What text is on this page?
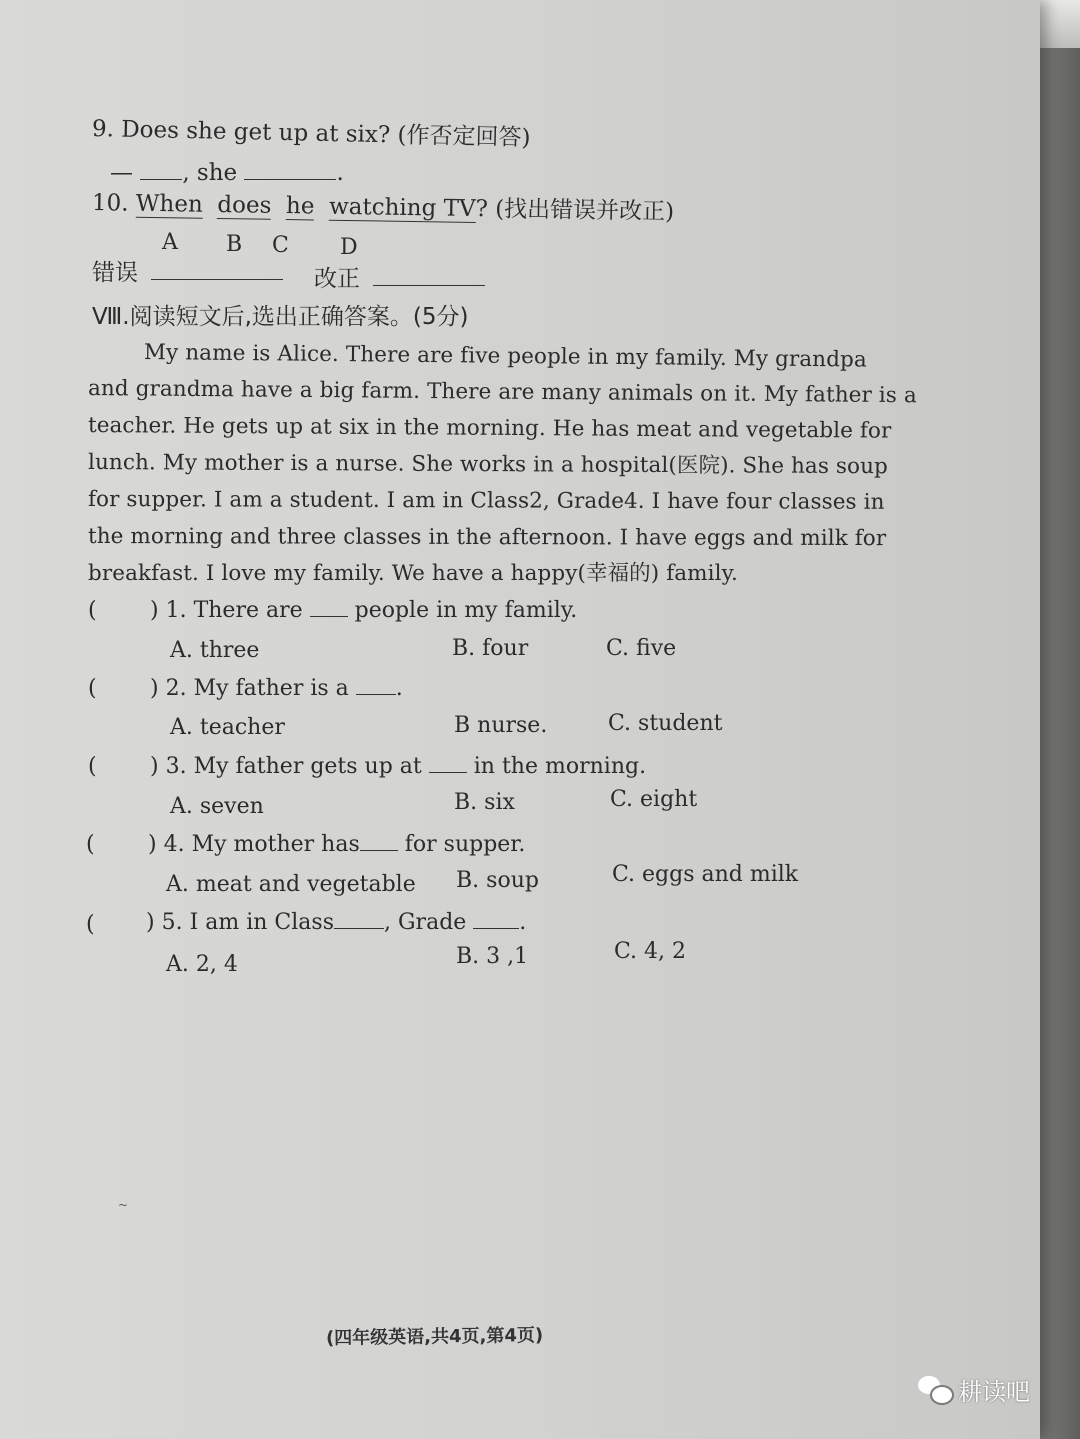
9. Does she get up at six? (作否定回答)
— , she	.
10. When does he watching TV? (找出错误并改正)
A B C D
错误	改正
Ⅷ.阅读短文后,选出正确答案。(5分)
My name is Alice. There are five people in my family. My grandpa
and grandma have a big farm. There are many animals on it. My father is a
teacher. He gets up at six in the morning. He has meat and vegetable for
lunch. My mother is a nurse. She works in a hospital(医院). She has soup
for supper. I am a student. I am in Class2, Grade4. I have four classes in
the morning and three classes in the afternoon. I have eggs and milk for
breakfast. I love my family. We have a happy(幸福的) family.
( ) 1. There are people in my family.
A. three	B. four	C. five
( ) 2. My father is a .
A. teacher	B nurse.	C. student
( ) 3. My father gets up at in the morning.
A. seven	B. six	C. eight
( ) 4. My mother has for supper.
A. meat and vegetable B. soup	C. eggs and milk
( ) 5. I am in Class , Grade .
A. 2, 4	B. 3 ,1	C. 4, 2
~
(四年级英语,共4页,第4页)
耕读吧
